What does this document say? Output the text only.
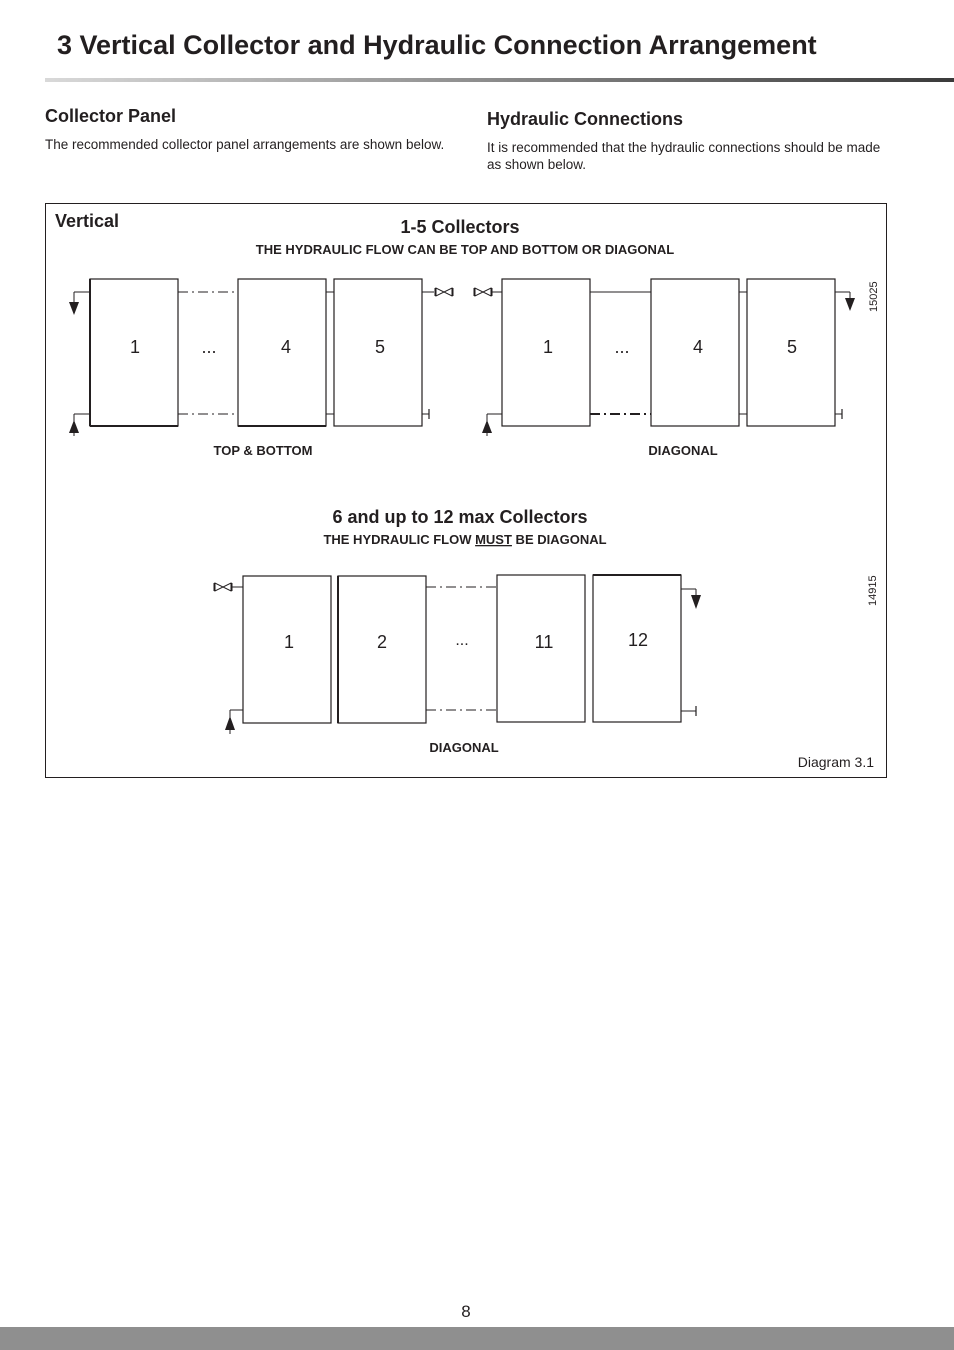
3 Vertical Collector and Hydraulic Connection Arrangement
Collector Panel

The recommended collector panel arrangements are shown below.

Hydraulic Connections

It is recommended that the hydraulic connections should be made as shown below.

Vertical	1-5 Collectors
THE HYDRAULIC FLOW CAN BE TOP AND BOTTOM OR DIAGONAL
15025
1	...	4	5
TOP & BOTTOM
1	...	4	5
DIAGONAL
6 and up to 12 max Collectors
THE HYDRAULIC FLOW MUST BE DIAGONAL
14915
1	2	...	11	12
DIAGONAL
Diagram 3.1
8
